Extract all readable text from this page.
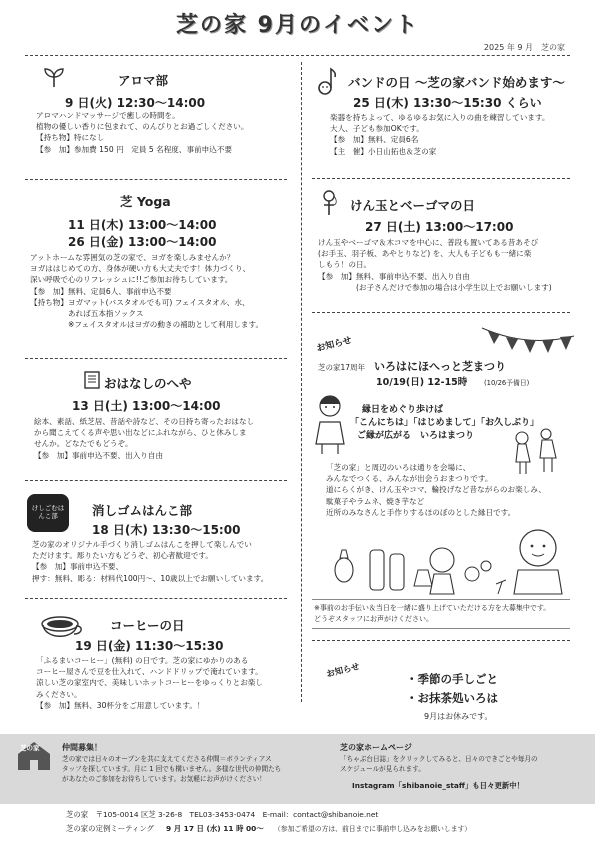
芝の家 9月のイベント
2025 年 9 月　芝の家
アロマ部
9 日(火) 12:30〜14:00
アロマハンドマッサージで癒しの時間を。
植物の優しい香りに包まれて、のんびりとお過ごしください。
【持ち物】特になし
【参　加】参加費 150 円　定員 5 名程度、事前申込不要
バンドの日 〜芝の家バンド始めます〜
25 日(木) 13:30〜15:30 くらい
楽器を持ちよって、ゆるゆるお気に入りの曲を練習しています。
大人、子ども参加OKです。
【参　加】無料、定員6名
【主　催】小日山拓也＆芝の家
芝 Yoga
11 日(木) 13:00〜14:00
26 日(金) 13:00〜14:00
アットホームな雰囲気の芝の家で、ヨガを楽しみませんか？
ヨガははじめての方、身体が硬い方も大丈夫です！体力づくり、
深い呼吸で心のリフレッシュに!!ご参加お待ちしています。
【参　加】無料、定員6人、事前申込不要
【持ち物】ヨガマット(バスタオルでも可) フェイスタオル、水、
　　　　　あれば五本指ソックス
　　　　　※フェイスタオルはヨガの動きの補助として利用します。
けん玉とベーゴマの日
27 日(土) 13:00〜17:00
けん玉やベーゴマ＆木コマを中心に、普段も置いてある昔あそび
(お手玉、羽子板、あやとりなど) を、大人も子どもも一緒に楽
しもう！の日。
【参　加】無料、事前申込不要、出入り自由
　　　　　(お子さんだけで参加の場合は小学生以上でお願いします)
おはなしのへや
13 日(土) 13:00〜14:00
絵本、素話、紙芝居、昔話や詩など、その日持ち寄ったおはなし
から聞こえてくる声や思い出などにふれながら、ひと休みしま
せんか。どなたでもどうぞ。
【参　加】事前申込不要、出入り自由
お知らせ
芝の家17周年 いろはにほへっと芝まつり
10/19(日) 12-15時 (10/26予備日)
縁日をめぐり歩けば
「こんにちは」「はじめまして」「お久しぶり」
ご縁が広がる　いろはまつり
「芝の家」と周辺のいろは通りを会場に、
みんなでつくる、みんなが出会うおまつりです。
道にらくがき、けん玉やコマ、輪投げなど昔ながらのお楽しみ、
駄菓子やラムネ、焼き芋など
近所のみなさんと手作りするほのぼのとした縁日です。
※事前のお手伝い＆当日を一緒に盛り上げていただける方を大募集中です。
どうぞスタッフにお声がけください。
けしごむはんこ部	消しゴムはんこ部
18 日(木) 13:30〜15:00
芝の家のオリジナル手づくり消しゴムはんこを押して楽しんでい
ただけます。彫りたい方もどうぞ、初心者歓迎です。
【参　加】事前申込不要、
押す：無料、彫る：材料代100円〜、10歳以上でお願いしています。
コーヒーの日
19 日(金) 11:30〜15:30
「ふるまいコーヒー」(無料) の日です。芝の家にゆかりのある
コーヒー屋さんで豆を仕入れて、ハンドドリップで淹れています。
涼しい芝の家室内で、美味しいホットコーヒーをゆっくりとお楽し
みください。
【参　加】無料、30杯分をご用意しています。！
お知らせ	・季節の手しごと
・お抹茶処いろは
9月はお休みです。
芝の家	仲間募集！
芝の家では日々のオープンを共に支えてくださる仲間＝ボランティアス
タッフを探しています。月に 1 回でも構いません。多様な世代の仲間たち
があなたのご参加をお待ちしています。お気軽にお声がけください！
芝の家ホームページ
「ちゃぶ台日誌」をクリックしてみると、日々のできごとや毎月の
スケジュールが見られます。
Instagram「shibanoie_staff」も日々更新中！
芝の家　〒105-0014 区芝 3-26-8　TEL03-3453-0474　E-mail：contact@shibanoie.net
芝の家の定例ミーティング 9 月 17 日 (水) 11 時 00〜 （参加ご希望の方は、前日までに事前申し込みをお願いします）
